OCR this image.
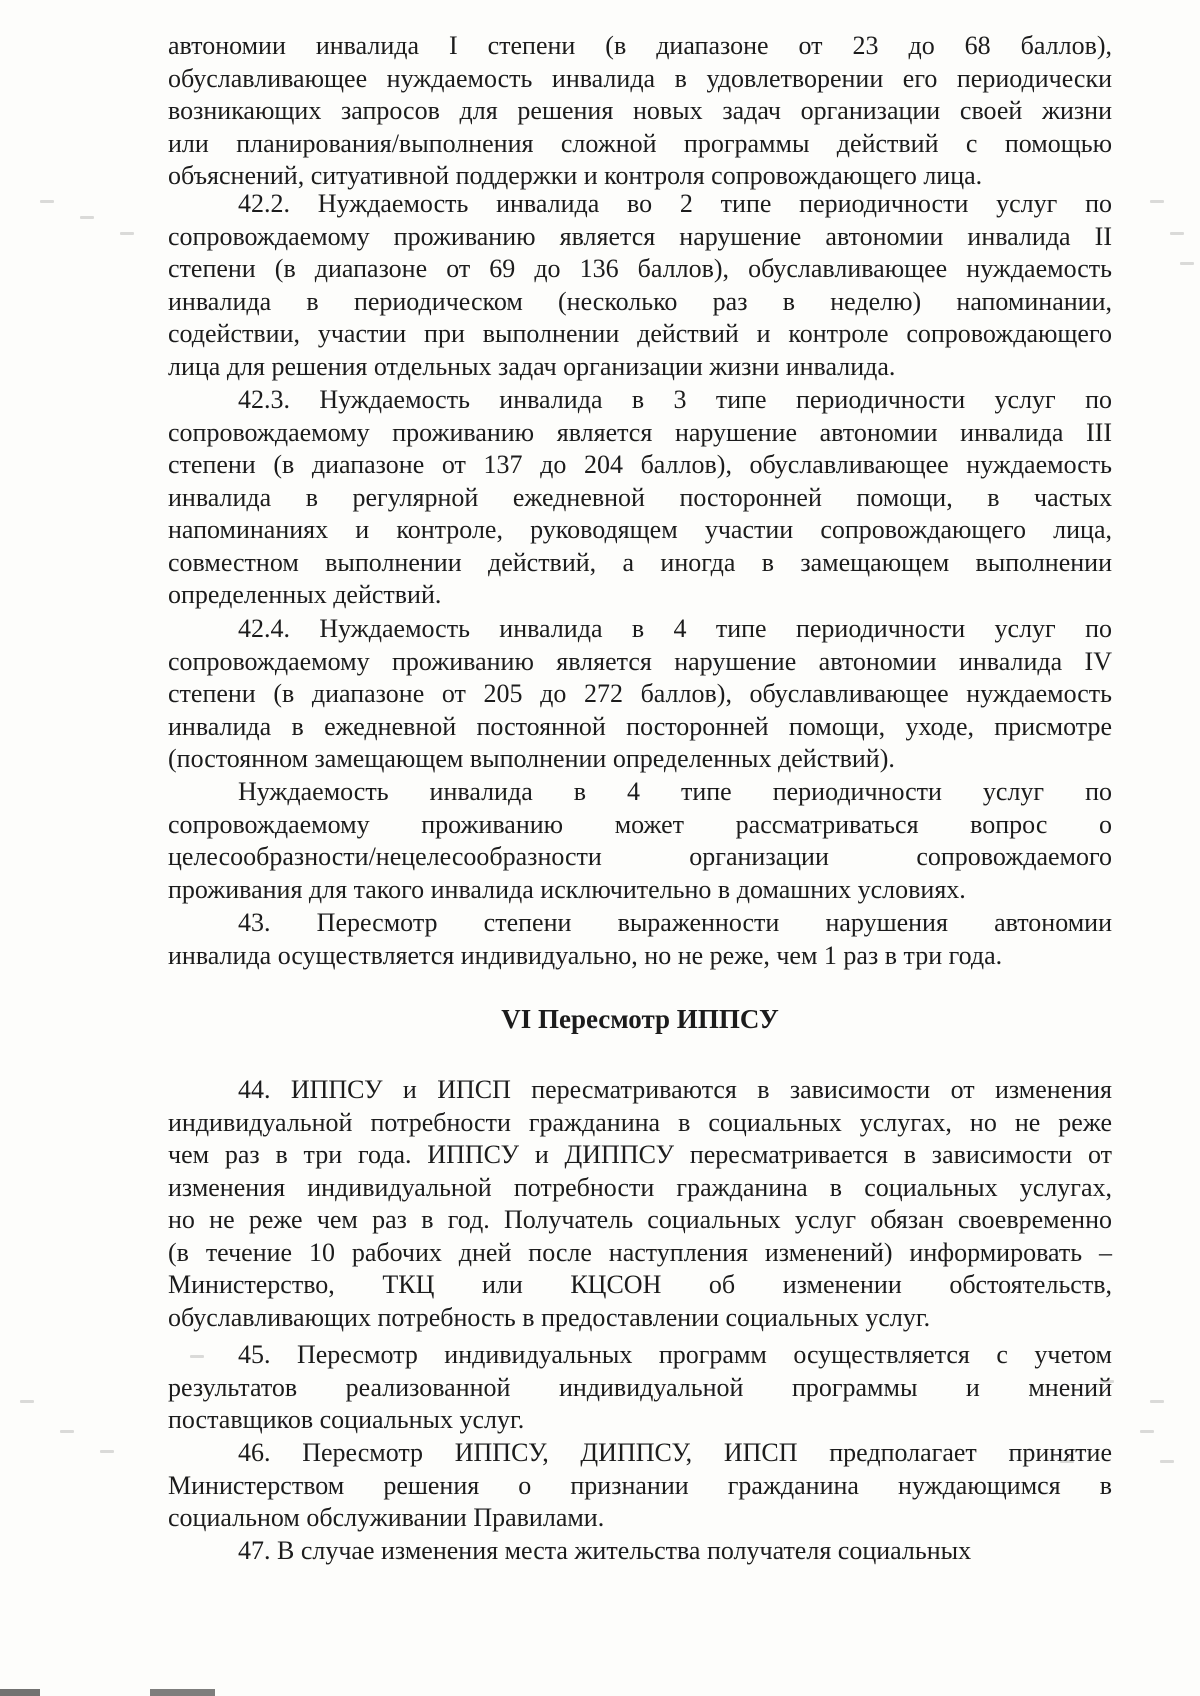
VI Пересмотр ИППСУ
автономии инвалида I степени (в диапазоне от 23 до 68 баллов),
обуславливающее нуждаемость инвалида в удовлетворении его периодически
возникающих запросов для решения новых задач организации своей жизни
или планирования/выполнения сложной программы действий с помощью
объяснений, ситуативной поддержки и контроля сопровождающего лица.
42.2. Нуждаемость инвалида во 2 типе периодичности услуг по
сопровождаемому проживанию является нарушение автономии инвалида II
степени (в диапазоне от 69 до 136 баллов), обуславливающее нуждаемость
инвалида в периодическом (несколько раз в неделю) напоминании,
содействии, участии при выполнении действий и контроле сопровождающего
лица для решения отдельных задач организации жизни инвалида.
42.3. Нуждаемость инвалида в 3 типе периодичности услуг по
сопровождаемому проживанию является нарушение автономии инвалида III
степени (в диапазоне от 137 до 204 баллов), обуславливающее нуждаемость
инвалида в регулярной ежедневной посторонней помощи, в частых
напоминаниях и контроле, руководящем участии сопровождающего лица,
совместном выполнении действий, а иногда в замещающем выполнении
определенных действий.
42.4. Нуждаемость инвалида в 4 типе периодичности услуг по
сопровождаемому проживанию является нарушение автономии инвалида IV
степени (в диапазоне от 205 до 272 баллов), обуславливающее нуждаемость
инвалида в ежедневной постоянной посторонней помощи, уходе, присмотре
(постоянном замещающем выполнении определенных действий).
Нуждаемость инвалида в 4 типе периодичности услуг по
сопровождаемому проживанию может рассматриваться вопрос о
целесообразности/нецелесообразности организации сопровождаемого
проживания для такого инвалида исключительно в домашних условиях.
43. Пересмотр степени выраженности нарушения автономии
инвалида осуществляется индивидуально, но не реже, чем 1 раз в три года.
44. ИППСУ и ИПСП пересматриваются в зависимости от изменения
индивидуальной потребности гражданина в социальных услугах, но не реже
чем раз в три года. ИППСУ и ДИППСУ пересматривается в зависимости от
изменения индивидуальной потребности гражданина в социальных услугах,
но не реже чем раз в год. Получатель социальных услуг обязан своевременно
(в течение 10 рабочих дней после наступления изменений) информировать –
Министерство, ТКЦ или КЦСОН об изменении обстоятельств,
обуславливающих потребность в предоставлении социальных услуг.
45. Пересмотр индивидуальных программ осуществляется с учетом
результатов реализованной индивидуальной программы и мнений
поставщиков социальных услуг.
46. Пересмотр ИППСУ, ДИППСУ, ИПСП предполагает принятие
Министерством решения о признании гражданина нуждающимся в
социальном обслуживании Правилами.
47. В случае изменения места жительства получателя социальных
